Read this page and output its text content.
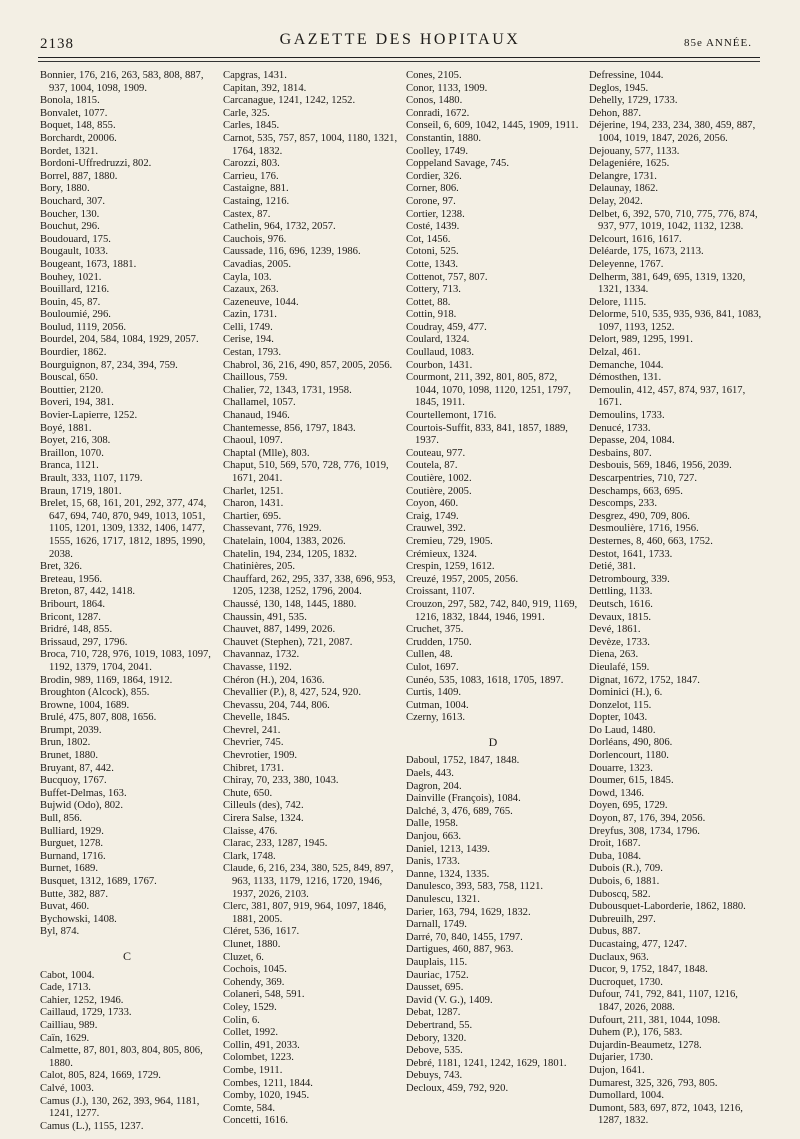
2138	GAZETTE DES HOPITAUX	85e ANNÉE.
Bonnier, 176, 216, 263, 583, 808, 887, 937, 1004, 1098, 1909.
Bonola, 1815.
Bonvalet, 1077.
Boquet, 148, 855.
Borchardt, 20006.
Bordet, 1321.
Bordoni-Uffredruzzi, 802.
Borrel, 887, 1880.
Bory, 1880.
Bouchard, 307.
Boucher, 130.
Bouchut, 296.
Boudouard, 175.
Bougault, 1033.
Bougeant, 1673, 1881.
Bouhey, 1021.
Bouillard, 1216.
Bouin, 45, 87.
Bouloumié, 296.
Boulud, 1119, 2056.
Bourdel, 204, 584, 1084, 1929, 2057.
Bourdier, 1862.
Bourguignon, 87, 234, 394, 759.
Bouscal, 650.
Bouttier, 2120.
Boveri, 194, 381.
Bovier-Lapierre, 1252.
Boyé, 1881.
Boyet, 216, 308.
Braillon, 1070.
Branca, 1121.
Brault, 333, 1107, 1179.
Braun, 1719, 1801.
Brelet, 15, 68, 161, 201, 292, 377, 474, 647, 694, 740, 870, 949, 1013, 1051, 1105, 1201, 1309, 1332, 1406, 1477, 1555, 1626, 1717, 1812, 1895, 1990, 2038.
Bret, 326.
Breteau, 1956.
Breton, 87, 442, 1418.
Bribourt, 1864.
Bricont, 1287.
Bridré, 148, 855.
Brissaud, 297, 1796.
Broca, 710, 728, 976, 1019, 1083, 1097, 1192, 1379, 1704, 2041.
Brodin, 989, 1169, 1864, 1912.
Broughton (Alcock), 855.
Browne, 1004, 1689.
Brulé, 475, 807, 808, 1656.
Brumpt, 2039.
Brun, 1802.
Brunet, 1880.
Bruyant, 87, 442.
Bucquoy, 1767.
Buffet-Delmas, 163.
Bujwid (Odo), 802.
Bull, 856.
Bulliard, 1929.
Burguet, 1278.
Burnand, 1716.
Burnet, 1689.
Busquet, 1312, 1689, 1767.
Butte, 382, 887.
Buvat, 460.
Bychowski, 1408.
Byl, 874.
C
Cabot, 1004.
Cade, 1713.
Cahier, 1252, 1946.
Caillaud, 1729, 1733.
Cailliau, 989.
Caïn, 1629.
Calmette, 87, 801, 803, 804, 805, 806, 1880.
Calot, 805, 824, 1669, 1729.
Calvé, 1003.
Camus (J.), 130, 262, 393, 964, 1181, 1241, 1277.
Camus (L.), 1155, 1237.
Capgras, 1431.
Capitan, 392, 1814.
Carcanague, 1241, 1242, 1252.
Carle, 325.
Carles, 1845.
Carnot, 535, 757, 857, 1004, 1180, 1321, 1764, 1832.
Carozzi, 803.
Carrieu, 176.
Castaigne, 881.
Castaing, 1216.
Castex, 87.
Cathelin, 964, 1732, 2057.
Cauchois, 976.
Caussade, 116, 696, 1239, 1986.
Cavadias, 2005.
Cayla, 103.
Cazaux, 263.
Cazeneuve, 1044.
Cazin, 1731.
Celli, 1749.
Cerise, 194.
Cestan, 1793.
Chabrol, 36, 216, 490, 857, 2005, 2056.
Chaillous, 759.
Chalier, 72, 1343, 1731, 1958.
Challamel, 1057.
Chanaud, 1946.
Chantemesse, 856, 1797, 1843.
Chaoul, 1097.
Chaptal (Mlle), 803.
Chaput, 510, 569, 570, 728, 776, 1019, 1671, 2041.
Charlet, 1251.
Charon, 1431.
Chartier, 695.
Chassevant, 776, 1929.
Chatelain, 1004, 1383, 2026.
Chatelin, 194, 234, 1205, 1832.
Chatinières, 205.
Chauffard, 262, 295, 337, 338, 696, 953, 1205, 1238, 1252, 1796, 2004.
Chaussé, 130, 148, 1445, 1880.
Chaussin, 491, 535.
Chauvet, 887, 1499, 2026.
Chauvet (Stephen), 721, 2087.
Chavannaz, 1732.
Chavasse, 1192.
Chéron (H.), 204, 1636.
Chevallier (P.), 8, 427, 524, 920.
Chevassu, 204, 744, 806.
Chevelle, 1845.
Chevrel, 241.
Chevrier, 745.
Chevrotier, 1909.
Chibret, 1731.
Chiray, 70, 233, 380, 1043.
Chute, 650.
Cilleuls (des), 742.
Cirera Salse, 1324.
Claisse, 476.
Clarac, 233, 1287, 1945.
Clark, 1748.
Claude, 6, 216, 234, 380, 525, 849, 897, 963, 1133, 1179, 1216, 1720, 1946, 1937, 2026, 2103.
Clerc, 381, 807, 919, 964, 1097, 1846, 1881, 2005.
Cléret, 536, 1617.
Clunet, 1880.
Cluzet, 6.
Cochois, 1045.
Cohendy, 369.
Colaneri, 548, 591.
Coley, 1529.
Colin, 6.
Collet, 1992.
Collin, 491, 2033.
Colombet, 1223.
Combe, 1911.
Combes, 1211, 1844.
Comby, 1020, 1945.
Comte, 584.
Concetti, 1616.
Cones, 2105.
Conor, 1133, 1909.
Conos, 1480.
Conradi, 1672.
Conseil, 6, 609, 1042, 1445, 1909, 1911.
Constantin, 1880.
Coolley, 1749.
Coppeland Savage, 745.
Cordier, 326.
Corner, 806.
Corone, 97.
Cortier, 1238.
Costé, 1439.
Cot, 1456.
Cotoni, 525.
Cotte, 1343.
Cottenot, 757, 807.
Cottery, 713.
Cottet, 88.
Cottin, 918.
Coudray, 459, 477.
Coulard, 1324.
Coullaud, 1083.
Courbon, 1431.
Courmont, 211, 392, 801, 805, 872, 1044, 1070, 1098, 1120, 1251, 1797, 1845, 1911.
Courtellemont, 1716.
Courtois-Suffit, 833, 841, 1857, 1889, 1937.
Couteau, 977.
Coutela, 87.
Coutière, 1002.
Coutière, 2005.
Coyon, 460.
Craig, 1749.
Crauwel, 392.
Cremieu, 729, 1905.
Crémieux, 1324.
Crespin, 1259, 1612.
Creuzé, 1957, 2005, 2056.
Croissant, 1107.
Crouzon, 297, 582, 742, 840, 919, 1169, 1216, 1832, 1844, 1946, 1991.
Cruchet, 375.
Crudden, 1750.
Cullen, 48.
Culot, 1697.
Cunéo, 535, 1083, 1618, 1705, 1897.
Curtis, 1409.
Cutman, 1004.
Czerny, 1613.
D
Daboul, 1752, 1847, 1848.
Daels, 443.
Dagron, 204.
Dainville (François), 1084.
Dalché, 3, 476, 689, 765.
Dalle, 1958.
Danjou, 663.
Daniel, 1213, 1439.
Danis, 1733.
Danne, 1324, 1335.
Danulesco, 393, 583, 758, 1121.
Danulescu, 1321.
Darier, 163, 794, 1629, 1832.
Darnall, 1749.
Darré, 70, 840, 1455, 1797.
Dartigues, 460, 887, 963.
Dauplais, 115.
Dauriac, 1752.
Dausset, 695.
David (V. G.), 1409.
Debat, 1287.
Debertrand, 55.
Debory, 1320.
Debove, 535.
Debré, 1181, 1241, 1242, 1629, 1801.
Debuys, 743.
Decloux, 459, 792, 920.
Defressine, 1044.
Deglos, 1945.
Dehelly, 1729, 1733.
Dehon, 887.
Déjerine, 194, 233, 234, 380, 459, 887, 1004, 1019, 1847, 2026, 2056.
Dejouany, 577, 1133.
Delageniére, 1625.
Delangre, 1731.
Delaunay, 1862.
Delay, 2042.
Delbet, 6, 392, 570, 710, 775, 776, 874, 937, 977, 1019, 1042, 1132, 1238.
Delcourt, 1616, 1617.
Deléarde, 175, 1673, 2113.
Deleyenne, 1767.
Delherm, 381, 649, 695, 1319, 1320, 1321, 1334.
Delore, 1115.
Delorme, 510, 535, 935, 936, 841, 1083, 1097, 1193, 1252.
Delort, 989, 1295, 1991.
Delzal, 461.
Demanche, 1044.
Démosthen, 131.
Demoulin, 412, 457, 874, 937, 1617, 1671.
Demoulins, 1733.
Denucé, 1733.
Depasse, 204, 1084.
Desbains, 807.
Desbouis, 569, 1846, 1956, 2039.
Descarpentries, 710, 727.
Deschamps, 663, 695.
Descomps, 233.
Desgrez, 490, 709, 806.
Desmoulière, 1716, 1956.
Desternes, 8, 460, 663, 1752.
Destot, 1641, 1733.
Detié, 381.
Detrombourg, 339.
Dettling, 1133.
Deutsch, 1616.
Devaux, 1815.
Devé, 1861.
Devèze, 1733.
Diena, 263.
Dieulafé, 159.
Dignat, 1672, 1752, 1847.
Dominici (H.), 6.
Donzelot, 115.
Dopter, 1043.
Do Laud, 1480.
Dorléans, 490, 806.
Dorlencourt, 1180.
Douarre, 1323.
Doumer, 615, 1845.
Dowd, 1346.
Doyen, 695, 1729.
Doyon, 87, 176, 394, 2056.
Dreyfus, 308, 1734, 1796.
Droit, 1687.
Duba, 1084.
Dubois (R.), 709.
Dubois, 6, 1881.
Duboscq, 582.
Dubousquet-Laborderie, 1862, 1880.
Dubreuilh, 297.
Dubus, 887.
Ducastaing, 477, 1247.
Duclaux, 963.
Ducor, 9, 1752, 1847, 1848.
Ducroquet, 1730.
Dufour, 741, 792, 841, 1107, 1216, 1847, 2026, 2088.
Dufourt, 211, 381, 1044, 1098.
Duhem (P.), 176, 583.
Dujardin-Beaumetz, 1278.
Dujarier, 1730.
Dujon, 1641.
Dumarest, 325, 326, 793, 805.
Dumollard, 1004.
Dumont, 583, 697, 872, 1043, 1216, 1287, 1832.
